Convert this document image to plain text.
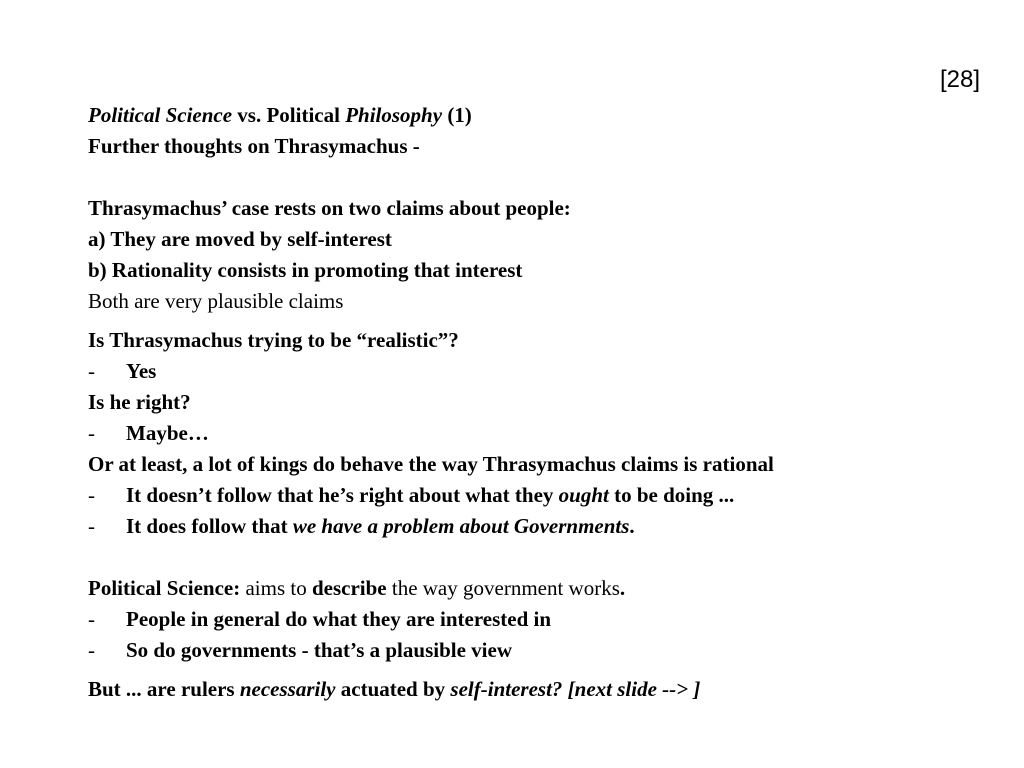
[28]
Political Science vs. Political Philosophy (1)
Further thoughts on Thrasymachus -
Thrasymachus’ case rests on two claims about people:
a) They are moved by self-interest
b) Rationality consists in promoting that interest
Both are very plausible claims
Is Thrasymachus trying to be “realistic”?
- Yes
Is he right?
- Maybe…
Or at least, a lot of kings do behave the way Thrasymachus claims is rational
- It doesn’t follow that he’s right about what they ought to be doing ...
- It does follow that we have a problem about Governments.
Political Science: aims to describe the way government works.
- People in general do what they are interested in
- So do governments - that’s a plausible view
But ... are rulers necessarily actuated by self-interest? [next slide --> ]
